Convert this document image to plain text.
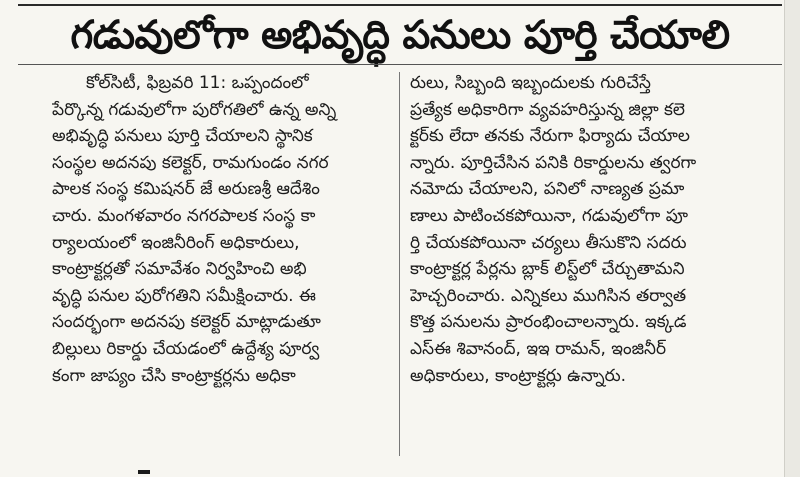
గడువులోగా అభివృద్ధి పనులు పూర్తి చేయాలి
కోల్‌సిటీ, ఫిబ్రవరి 11: ఒప్పందంలో
పేర్కొన్న గడువులోగా పురోగతిలో ఉన్న అన్ని
అభివృద్ధి పనులు పూర్తి చేయాలని స్థానిక
సంస్థల అదనపు కలెక్టర్, రామగుండం నగర
పాలక సంస్థ కమిషనర్ జే అరుణశ్రీ ఆదేశిం
చారు. మంగళవారం నగరపాలక సంస్థ కా
ర్యాలయంలో ఇంజినీరింగ్ అధికారులు,
కాంట్రాక్టర్లతో సమావేశం నిర్వహించి అభి
వృద్ధి పనుల పురోగతిని సమీక్షించారు. ఈ
సందర్భంగా అదనపు కలెక్టర్ మాట్లాడుతూ
బిల్లులు రికార్డు చేయడంలో ఉద్దేశ్య పూర్వ
కంగా జాప్యం చేసి కాంట్రాక్టర్లను అధికా
రులు, సిబ్బంది ఇబ్బందులకు గురిచేస్తే
ప్రత్యేక అధికారిగా వ్యవహరిస్తున్న జిల్లా కలె
క్టర్‌కు లేదా తనకు నేరుగా ఫిర్యాదు చేయాల
న్నారు. పూర్తిచేసిన పనికి రికార్డులను త్వరగా
నమోదు చేయాలని, పనిలో నాణ్యత ప్రమా
ణాలు పాటించకపోయినా, గడువులోగా పూ
ర్తి చేయకపోయినా చర్యలు తీసుకొని సదరు
కాంట్రాక్టర్ల పేర్లను బ్లాక్ లిస్ట్‌లో చేర్చుతామని
హెచ్చరించారు. ఎన్నికలు ముగిసిన తర్వాత
కొత్త పనులను ప్రారంభించాలన్నారు. ఇక్కడ
ఎస్ఈ శివానంద్, ఇఇ రామన్, ఇంజినీర్
అధికారులు, కాంట్రాక్టర్లు ఉన్నారు.
